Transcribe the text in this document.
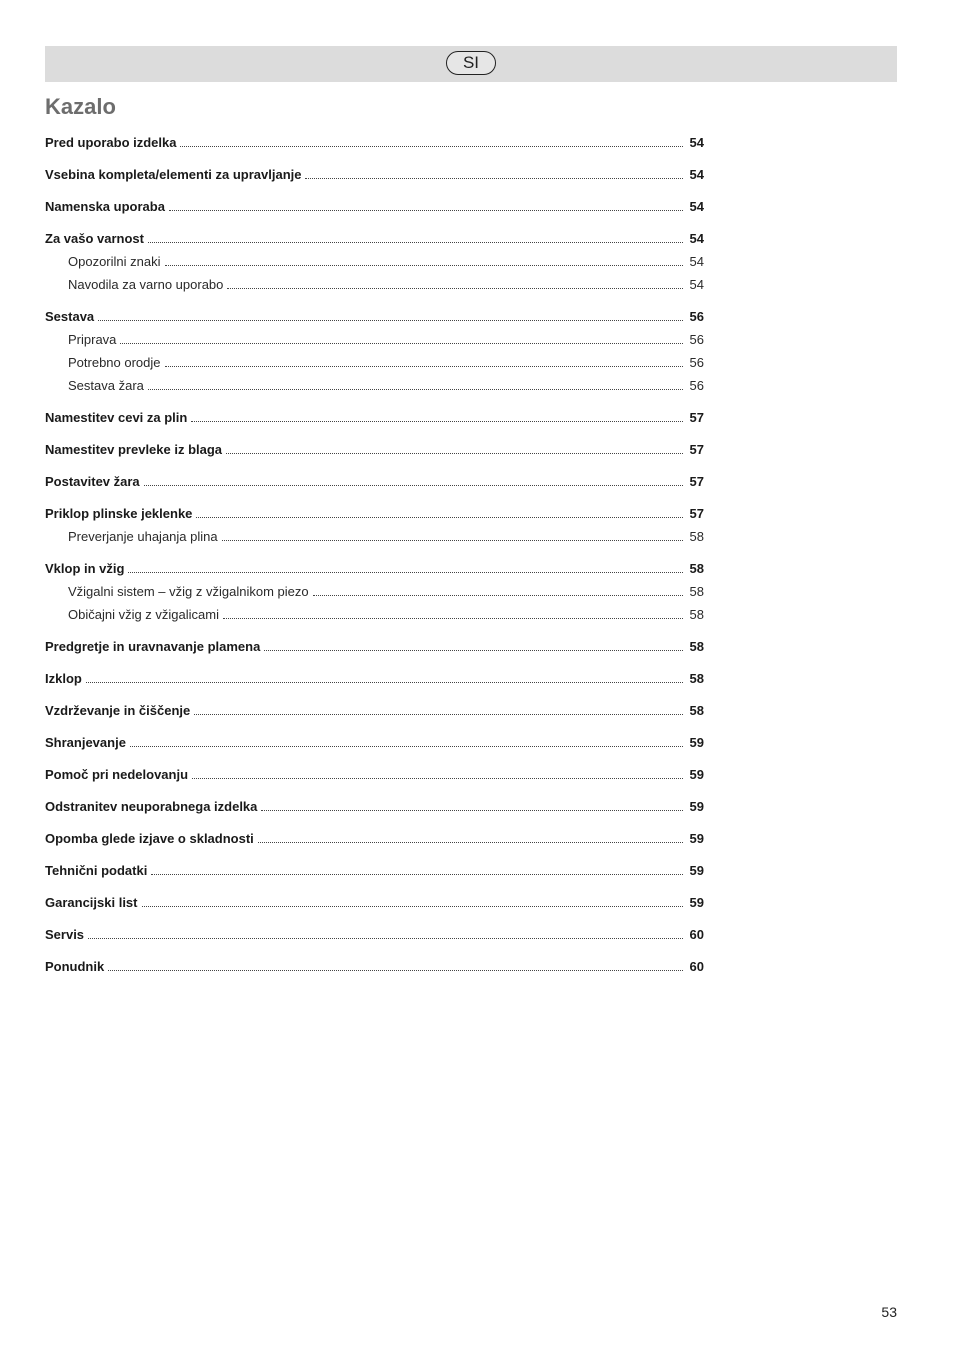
SI
Kazalo
Pred uporabo izdelka	54
Vsebina kompleta/elementi za upravljanje	54
Namenska uporaba	54
Za vašo varnost	54
Opozorilni znaki	54
Navodila za varno uporabo	54
Sestava	56
Priprava	56
Potrebno orodje	56
Sestava žara	56
Namestitev cevi za plin	57
Namestitev prevleke iz blaga	57
Postavitev žara	57
Priklop plinske jeklenke	57
Preverjanje uhajanja plina	58
Vklop in vžig	58
Vžigalni sistem – vžig z vžigalnikom piezo	58
Običajni vžig z vžigalicami	58
Predgretje in uravnavanje plamena	58
Izklop	58
Vzdrževanje in čiščenje	58
Shranjevanje	59
Pomoč pri nedelovanju	59
Odstranitev neuporabnega izdelka	59
Opomba glede izjave o skladnosti	59
Tehnični podatki	59
Garancijski list	59
Servis	60
Ponudnik	60
53
